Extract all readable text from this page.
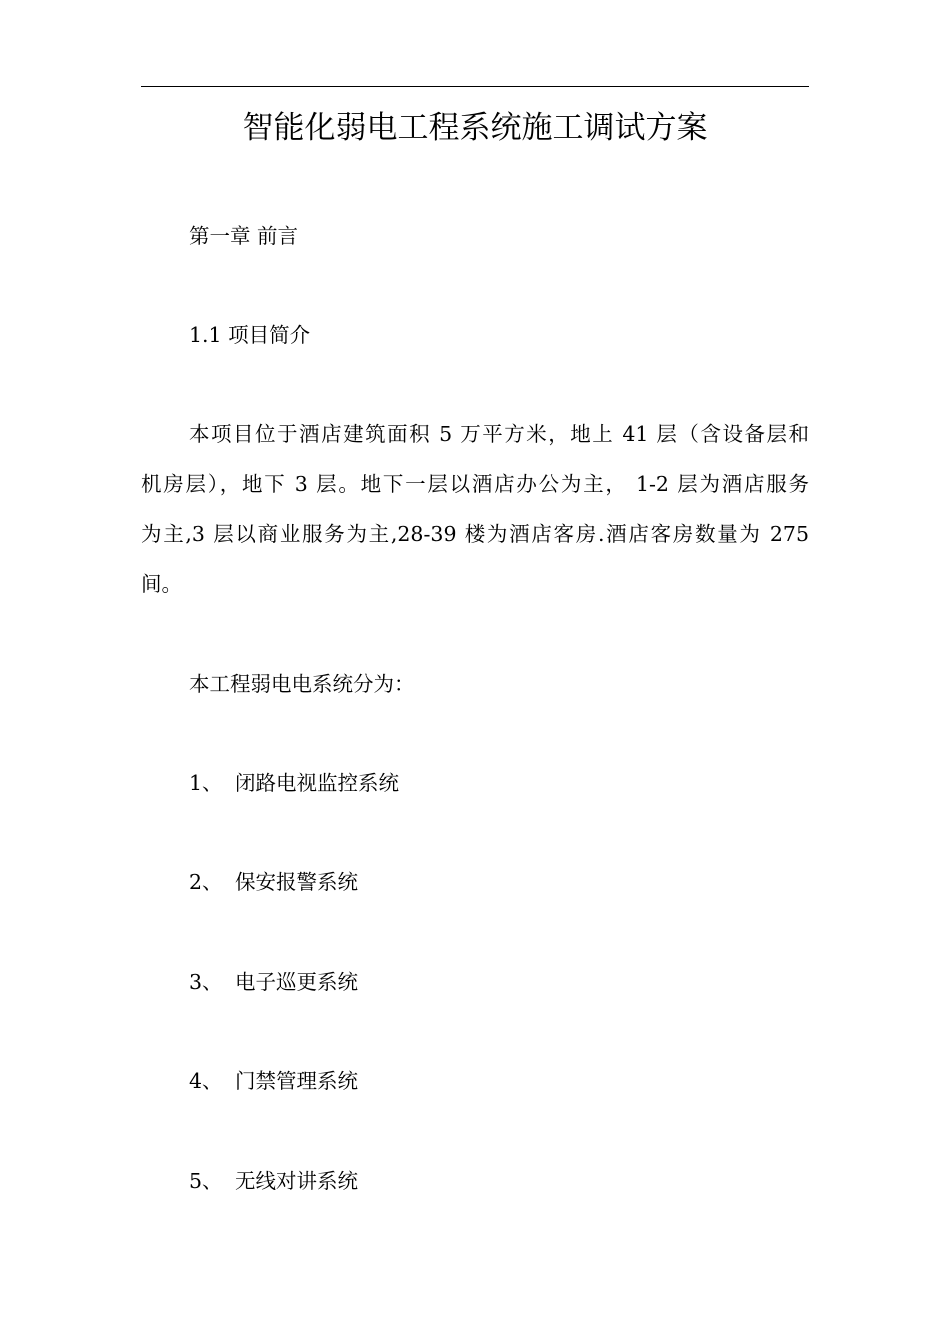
智能化弱电工程系统施工调试方案
第一章 前言
1.1 项目简介
本项目位于酒店建筑面积 5 万平方米，地上 41 层（含设备层和
机房层），地下 3 层。地下一层以酒店办公为主， 1-2 层为酒店服务
为主,3 层以商业服务为主,28-39 楼为酒店客房.酒店客房数量为 275
间。
本工程弱电电系统分为：
1、 闭路电视监控系统
2、 保安报警系统
3、 电子巡更系统
4、 门禁管理系统
5、 无线对讲系统
